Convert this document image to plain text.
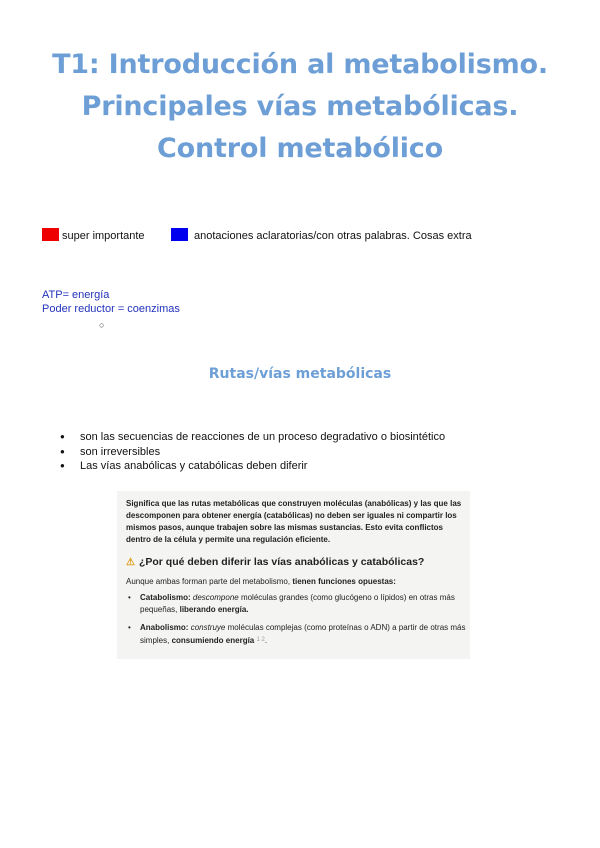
T1: Introducción al metabolismo. Principales vías metabólicas. Control metabólico
super importante	anotaciones aclaratorias/con otras palabras. Cosas extra
ATP= energía
Poder reductor = coenzimas
○
Rutas/vías metabólicas
● son las secuencias de reacciones de un proceso degradativo o biosintético
● son irreversibles
● Las vías anabólicas y catabólicas deben diferir
Significa que las rutas metabólicas que construyen moléculas (anabólicas) y las que las descomponen para obtener energía (catabólicas) no deben ser iguales ni compartir los mismos pasos, aunque trabajen sobre las mismas sustancias. Esto evita conflictos dentro de la célula y permite una regulación eficiente.
⚠ ¿Por qué deben diferir las vías anabólicas y catabólicas?
Aunque ambas forman parte del metabolismo, tienen funciones opuestas:
• Catabolismo: descompone moléculas grandes (como glucógeno o lípidos) en otras más pequeñas, liberando energía.
• Anabolismo: construye moléculas complejas (como proteínas o ADN) a partir de otras más simples, consumiendo energía $^{1 2}$.
